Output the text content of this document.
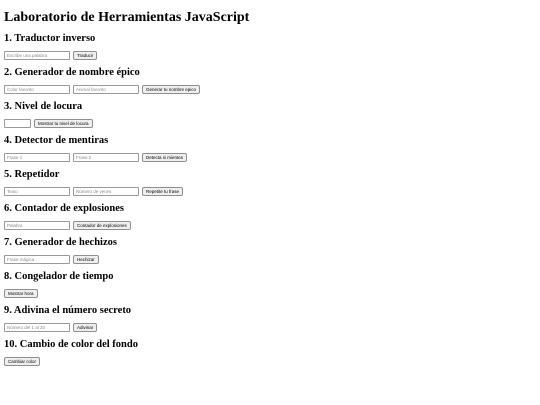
Laboratorio de Herramientas JavaScript
1. Traductor inverso
Escribe una palabra
Traducir
2. Generador de nombre épico
Color favorito
Animal favorito
Generar tu nombre epico
3. Nivel de locura
Mostrar tu nivel de locura
4. Detector de mentiras
Frase 1
Frase 2
Detecta si mientes
5. Repetidor
Texto
Número de veces
Repetite tu frase
6. Contador de explosiones
Palabra
Contador de explosiones
7. Generador de hechizos
Frase mágica
Hechizar
8. Congelador de tiempo
Mostrar hora
9. Adivina el número secreto
Número del 1 al 20
Adivinar
10. Cambio de color del fondo
Cambiar color
